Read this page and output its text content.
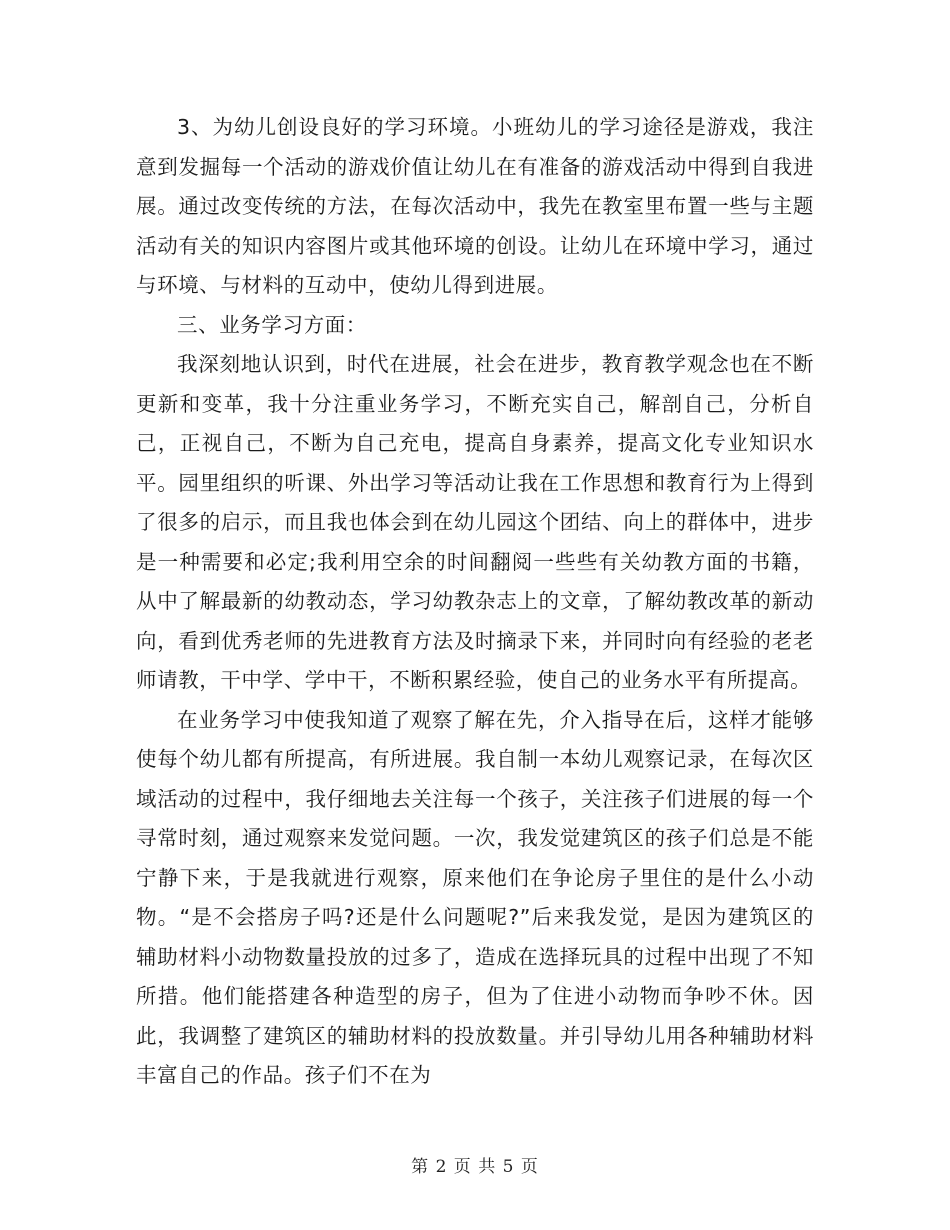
3、为幼儿创设良好的学习环境。小班幼儿的学习途径是游戏，我注意到发掘每一个活动的游戏价值让幼儿在有准备的游戏活动中得到自我进展。通过改变传统的方法，在每次活动中，我先在教室里布置一些与主题活动有关的知识内容图片或其他环境的创设。让幼儿在环境中学习，通过与环境、与材料的互动中，使幼儿得到进展。

三、业务学习方面：

我深刻地认识到，时代在进展，社会在进步，教育教学观念也在不断更新和变革，我十分注重业务学习，不断充实自己，解剖自己，分析自己，正视自己，不断为自己充电，提高自身素养，提高文化专业知识水平。园里组织的听课、外出学习等活动让我在工作思想和教育行为上得到了很多的启示，而且我也体会到在幼儿园这个团结、向上的群体中，进步是一种需要和必定;我利用空余的时间翻阅一些些有关幼教方面的书籍，从中了解最新的幼教动态，学习幼教杂志上的文章，了解幼教改革的新动向，看到优秀老师的先进教育方法及时摘录下来，并同时向有经验的老老师请教，干中学、学中干，不断积累经验，使自己的业务水平有所提高。

在业务学习中使我知道了观察了解在先，介入指导在后，这样才能够使每个幼儿都有所提高，有所进展。我自制一本幼儿观察记录，在每次区域活动的过程中，我仔细地去关注每一个孩子，关注孩子们进展的每一个寻常时刻，通过观察来发觉问题。一次，我发觉建筑区的孩子们总是不能宁静下来，于是我就进行观察，原来他们在争论房子里住的是什么小动物。“是不会搭房子吗?还是什么问题呢?”后来我发觉，是因为建筑区的辅助材料小动物数量投放的过多了，造成在选择玩具的过程中出现了不知所措。他们能搭建各种造型的房子，但为了住进小动物而争吵不休。因此，我调整了建筑区的辅助材料的投放数量。并引导幼儿用各种辅助材料丰富自己的作品。孩子们不在为

第 2 页 共 5 页
